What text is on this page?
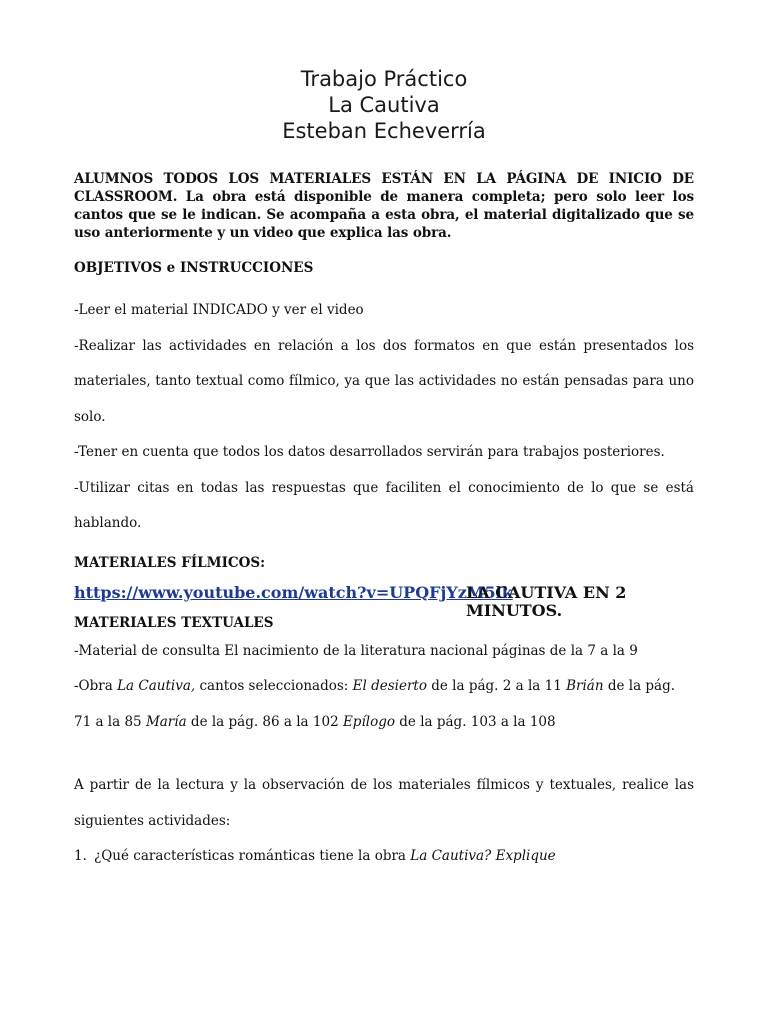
Trabajo Práctico
La Cautiva
Esteban Echeverría

ALUMNOS TODOS LOS MATERIALES ESTÁN EN LA PÁGINA DE INICIO DE CLASSROOM. La obra está disponible de manera completa; pero solo leer los cantos que se le indican. Se acompaña a esta obra, el material digitalizado que se uso anteriormente y un video que explica las obra.

OBJETIVOS e INSTRUCCIONES

-Leer el material INDICADO y ver el video

-Realizar las actividades en relación a los dos formatos en que están presentados los materiales, tanto textual como fílmico, ya que las actividades no están pensadas para uno solo.

-Tener en cuenta que todos los datos desarrollados servirán para trabajos posteriores.

-Utilizar citas en todas las respuestas que faciliten el conocimiento de lo que se está hablando.

MATERIALES FÍLMICOS:

https://www.youtube.com/watch?v=UPQFjYzM5lk
LA CAUTIVA EN 2 MINUTOS.

MATERIALES TEXTUALES

-Material de consulta El nacimiento de la literatura nacional páginas de la 7 a la 9

-Obra La Cautiva, cantos seleccionados: El desierto de la pág. 2 a la 11 Brián de la pág. 71 a la 85 María de la pág. 86 a la 102 Epílogo de la pág. 103 a la 108

A partir de la lectura y la observación de los materiales fílmicos y textuales, realice las siguientes actividades:

1. ¿Qué características románticas tiene la obra La Cautiva? Explique
